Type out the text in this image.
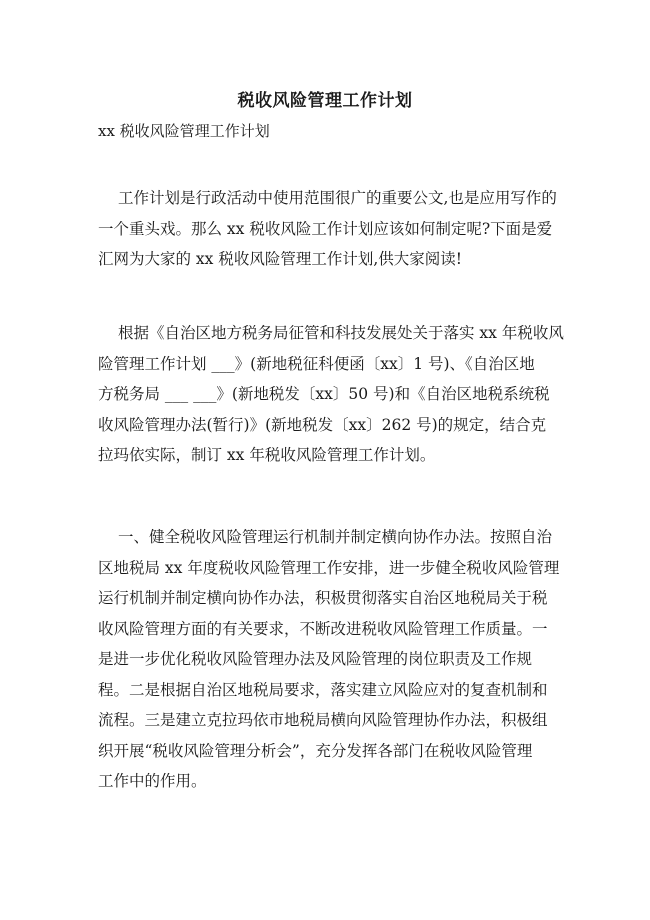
税收风险管理工作计划
xx 税收风险管理工作计划
工作计划是行政活动中使用范围很广的重要公文,也是应用写作的
一个重头戏。那么 xx 税收风险工作计划应该如何制定呢?下面是爱
汇网为大家的 xx 税收风险管理工作计划,供大家阅读!
根据《自治区地方税务局征管和科技发展处关于落实 xx 年税收风
险管理工作计划 ___》(新地税征科便函〔xx〕1 号)、《自治区地
方税务局 ___ ___》(新地税发〔xx〕50 号)和《自治区地税系统税
收风险管理办法(暂行)》(新地税发〔xx〕262 号)的规定，结合克
拉玛依实际，制订 xx 年税收风险管理工作计划。
一、健全税收风险管理运行机制并制定横向协作办法。按照自治
区地税局 xx 年度税收风险管理工作安排，进一步健全税收风险管理
运行机制并制定横向协作办法，积极贯彻落实自治区地税局关于税
收风险管理方面的有关要求，不断改进税收风险管理工作质量。一
是进一步优化税收风险管理办法及风险管理的岗位职责及工作规
程。二是根据自治区地税局要求，落实建立风险应对的复查机制和
流程。三是建立克拉玛依市地税局横向风险管理协作办法，积极组
织开展“税收风险管理分析会”，充分发挥各部门在税收风险管理
工作中的作用。
